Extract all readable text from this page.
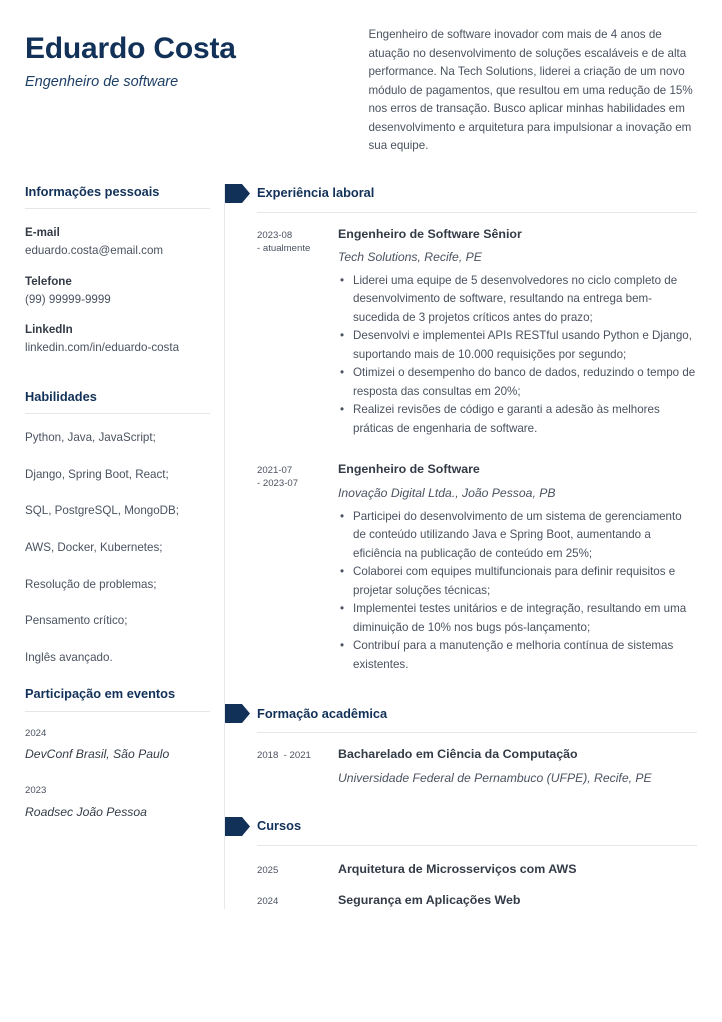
Eduardo Costa

Engenheiro de software

Engenheiro de software inovador com mais de 4 anos de atuação no desenvolvimento de soluções escaláveis e de alta performance. Na Tech Solutions, liderei a criação de um novo módulo de pagamentos, que resultou em uma redução de 15% nos erros de transação. Busco aplicar minhas habilidades em desenvolvimento e arquitetura para impulsionar a inovação em sua equipe.

Informações pessoais

E-mail

eduardo.costa@email.com

Telefone

(99) 99999-9999

LinkedIn

linkedin.com/in/eduardo-costa

Habilidades
Python, Java, JavaScript;
Django, Spring Boot, React;
SQL, PostgreSQL, MongoDB;
AWS, Docker, Kubernetes;
Resolução de problemas;
Pensamento crítico;
Inglês avançado.
Participação em eventos

2024

DevConf Brasil, São Paulo

2023

Roadsec João Pessoa

Experiência laboral
2023-08
- atualmente

Engenheiro de Software Sênior

Tech Solutions, Recife, PE

• Liderei uma equipe de 5 desenvolvedores no ciclo completo de desenvolvimento de software, resultando na entrega bem-sucedida de 3 projetos críticos antes do prazo;
• Desenvolvi e implementei APIs RESTful usando Python e Django, suportando mais de 10.000 requisições por segundo;
• Otimizei o desempenho do banco de dados, reduzindo o tempo de resposta das consultas em 20%;
• Realizei revisões de código e garanti a adesão às melhores práticas de engenharia de software.
2021-07
- 2023-07

Engenheiro de Software

Inovação Digital Ltda., João Pessoa, PB

• Participei do desenvolvimento de um sistema de gerenciamento de conteúdo utilizando Java e Spring Boot, aumentando a eficiência na publicação de conteúdo em 25%;
• Colaborei com equipes multifuncionais para definir requisitos e projetar soluções técnicas;
• Implementei testes unitários e de integração, resultando em uma diminuição de 10% nos bugs pós-lançamento;
• Contribuí para a manutenção e melhoria contínua de sistemas existentes.
Formação acadêmica
2018  - 2021	Bacharelado em Ciência da Computação

Universidade Federal de Pernambuco (UFPE), Recife, PE

Cursos
2025	Arquitetura de Microsserviços com AWS

2024	Segurança em Aplicações Web
